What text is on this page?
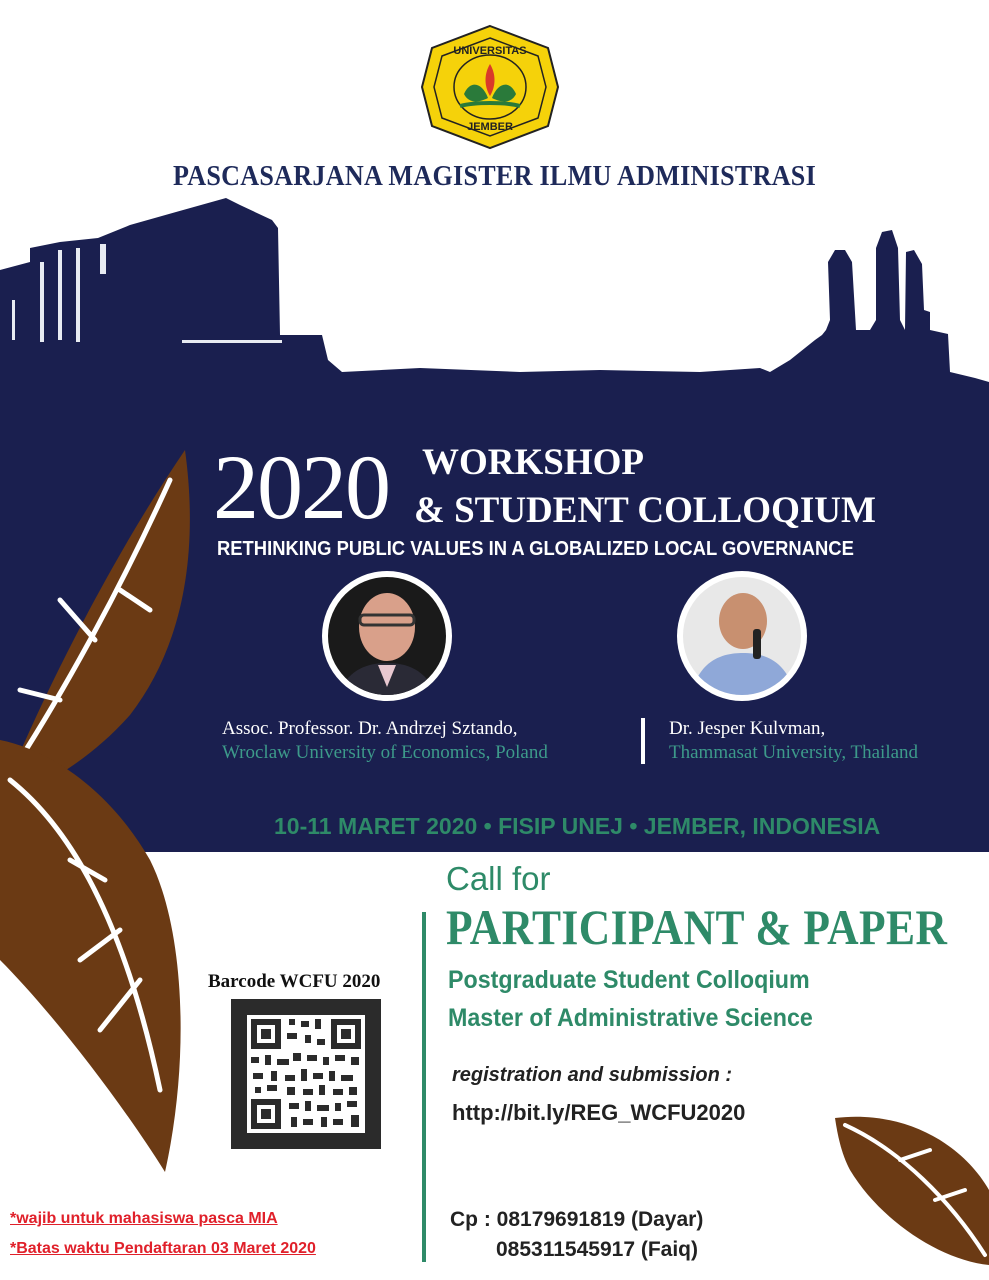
UNIVERSITAS
JEMBER
PASCASARJANA MAGISTER ILMU ADMINISTRASI
2020 WORKSHOP
& STUDENT COLLOQIUM
RETHINKING PUBLIC VALUES IN A GLOBALIZED LOCAL GOVERNANCE
Assoc. Professor. Dr. Andrzej Sztando,
Wroclaw University of Economics, Poland
Dr. Jesper Kulvman,
Thammasat University, Thailand
10-11 MARET 2020 • FISIP UNEJ • JEMBER, INDONESIA
Call for
PARTICIPANT & PAPER
Postgraduate Student Colloqium
Master of Administrative Science
registration and submission :
http://bit.ly/REG_WCFU2020
Cp : 08179691819 (Dayar)
085311545917 (Faiq)
Barcode WCFU 2020
*wajib untuk mahasiswa pasca MIA
*Batas waktu Pendaftaran 03 Maret 2020
